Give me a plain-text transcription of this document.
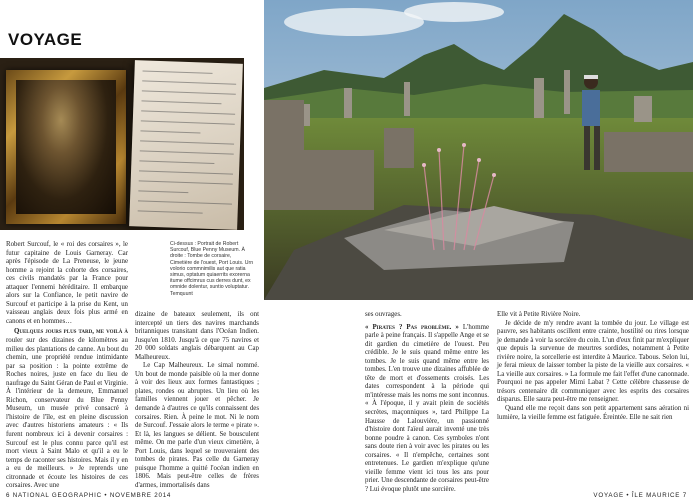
VOYAGE
Ci-dessus : Portrait de Robert Surcouf, Blue Penny Museum. À droite : Tombe de corsaire, Cimetière de l'ouest, Port Louis. Urn volorio commnimilis aut que ratia simus, optatum quiaerrits exorerna itume offcimrus cus derres dunt, ex omnide dolentur, suntio voluptatur. Temquunt

Robert Surcouf, le « roi des corsaires », le futur capitaine de Louis Garneray. Car après l'épisode de La Preneuse, le jeune homme a rejoint la cohorte des corsaires, ces civils mandatés par la France pour attaquer l'ennemi héréditaire. Il embarque alors sur la Confiance, le petit navire de Surcouf et participe à la prise du Kent, un vaisseau anglais deux fois plus armé en canons et en hommes…

Quelques jours plus tard, me voilà à rouler sur des dizaines de kilomètres au milieu des plantations de canne. Au bout du chemin, une propriété rendue intimidante par sa position : la pointe extrême de Roches noires, juste en face du lieu de naufrage du Saint Géran de Paul et Virginie. À l'intérieur de la demeure, Emmanuel Richon, conservateur du Blue Penny Museum, un musée privé consacré à l'histoire de l'île, est en pleine discussion avec d'autres historiens amateurs : « Ils furent nombreux ici à devenir corsaires : Surcouf est le plus connu parce qu'il est mort vieux à Saint Malo et qu'il a eu le temps de raconter ses histoires. Mais il y en a eu de meilleurs. » Je reprends une citronnade et écoute les histoires de ces corsaires. Avec une

dizaine de bateaux seulement, ils ont intercepté un tiers des navires marchands britanniques transitant dans l'Océan Indien. Jusqu'en 1810. Jusqu'à ce que 75 navires et 20 000 soldats anglais débarquent au Cap Malheureux.

Le Cap Malheureux. Le simal nommé. Un bout de monde paisible où la mer donne à voir des lieux aux formes fantastiques ; plates, rondes ou abruptes. Un lieu où les familles viennent jouer et pêcher. Je demande à d'autres ce qu'ils connaissent des corsaires. Rien. À peine le mot. Ni le nom de Surcouf. J'essaie alors le terme « pirate ». Et là, les langues se délient. Se bousculent même. On me parle d'un vieux cimetière, à Port Louis, dans lequel se trouveraient des tombes de pirates. Pas celle du Garneray puisque l'homme a quitté l'océan indien en 1806. Mais peut-être celles de frères d'armes, immortalisés dans

ses ouvrages.

« Pirates ? Pas problème. » L'homme parle à peine français. Il s'appelle Ange et se dit gardien du cimetière de l'ouest. Peu crédible. Je le suis quand même entre les tombes. Je le suis quand même entre les tombes. L'en trouve une dizaines affublée de tête de mort et d'ossements croisés. Les dates correspondent à la période qui m'intéresse mais les noms me sont inconnus. « À l'époque, il y avait plein de sociétés secrètes, maçonniques », tard Philippe La Hausse de Lalouvière, un passionné d'histoire dont l'aïeul aurait inventé une très bonne poudre à canon. Ces symboles n'ont sans doute rien à voir avec les pirates ou les corsaires. « Il n'empêche, certaines sont entretenues. Le gardien m'explique qu'une vieille femme vient ici tous les ans pour prier. Une descendante de corsaires peut-être ? Lui évoque plutôt une sorcière.

Elle vit à Petite Rivière Noire.

Je décide de m'y rendre avant la tombée du jour. Le village est pauvre, ses habitants oscillent entre crainte, hostilité ou rires lorsque je demande à voir la sorcière du coin. L'un d'eux finit par m'expliquer que depuis la survenue de meurtres sordides, notamment à Petite rivière noire, la sorcellerie est interdite à Maurice. Tabous. Selon lui, je ferai mieux de laisser tomber la piste de la vieille aux corsaires. « La vieille aux corsaires. » La formule me fait l'effet d'une canonnade. Pourquoi ne pas appeler Mimi Labat ? Cette célèbre chasseuse de trésors centenaire dit communiquer avec les esprits des corsaires disparus. Elle saura peut-être me renseigner.

Quand elle me reçoit dans son petit appartement sans aération ni lumière, la vieille femme est fatiguée. Éreintée. Elle ne sait rien

6 NATIONAL GEOGRAPHIC • NOVEMBRE 2014	VOYAGE • ÎLE MAURICE 7
